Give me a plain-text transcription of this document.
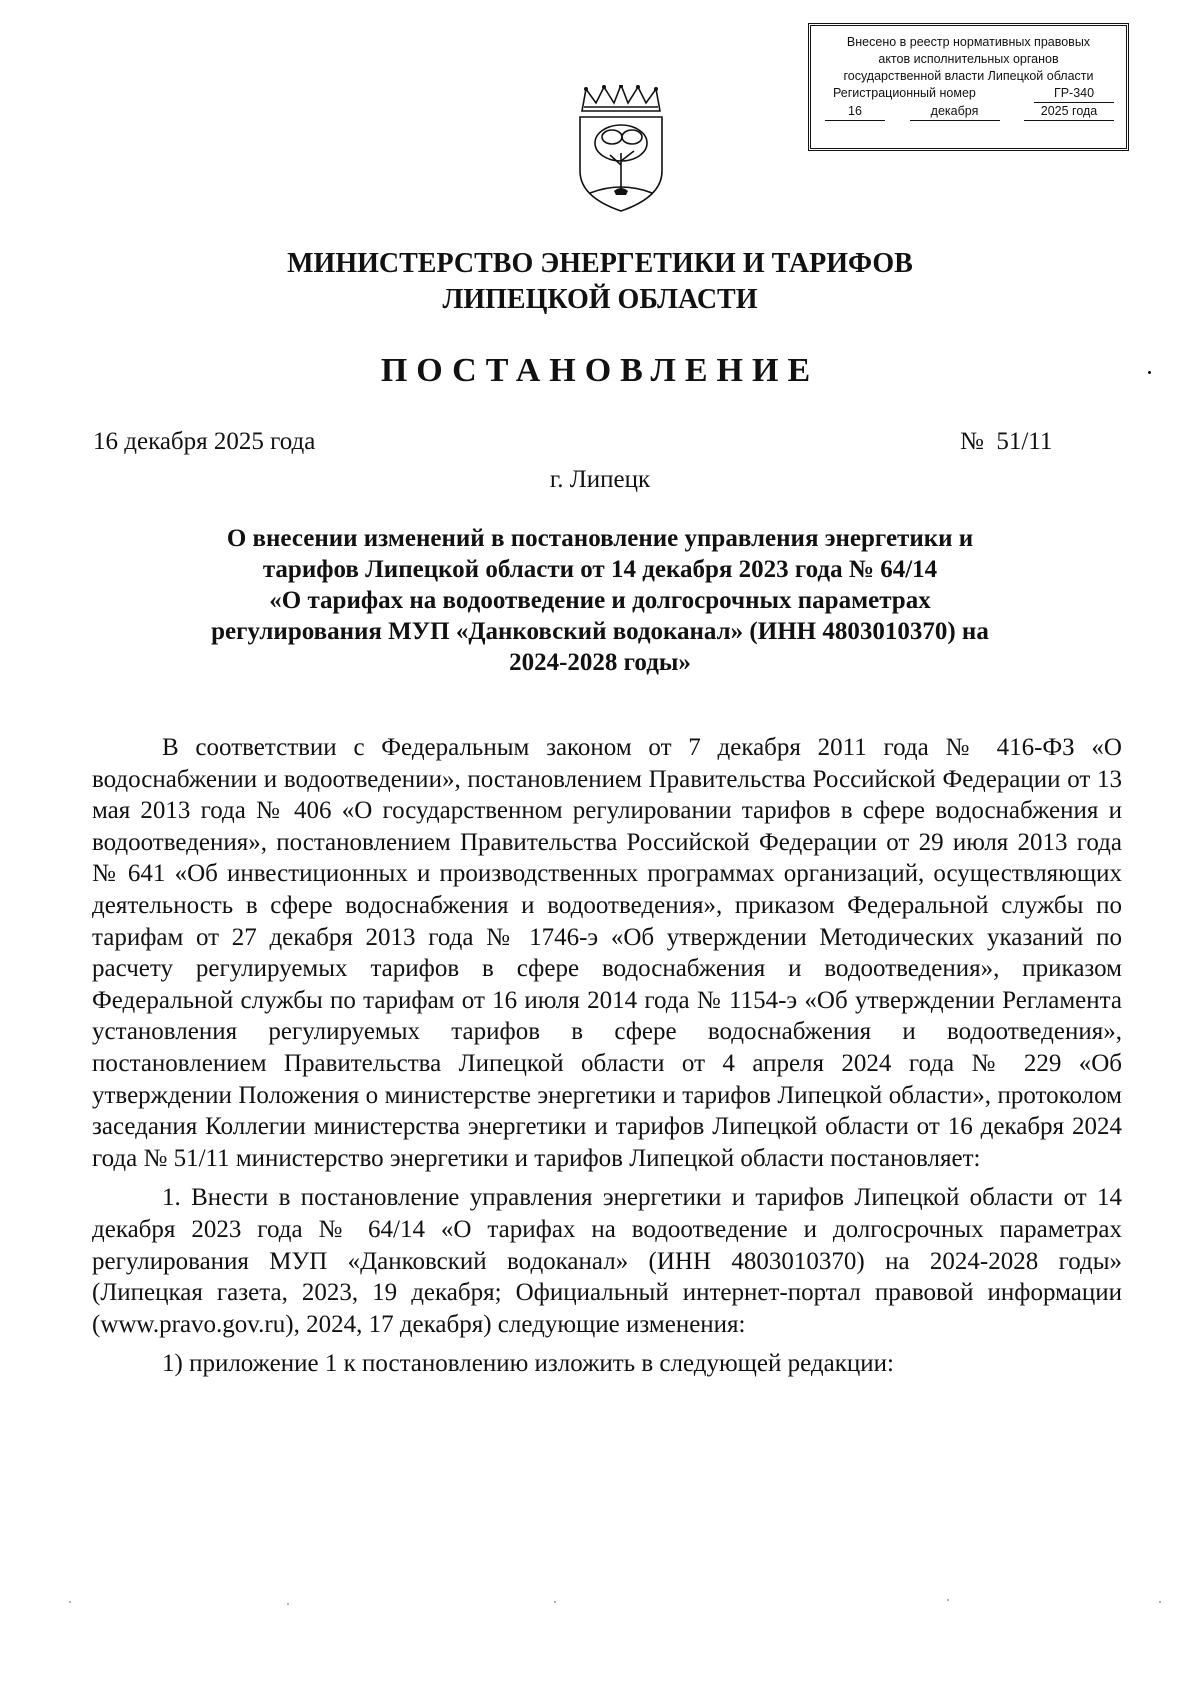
Внесено в реестр нормативных правовых
актов исполнительных органов
государственной власти Липецкой области
Регистрационный номер	ГР-340
16	декабря	2025 года
МИНИСТЕРСТВО ЭНЕРГЕТИКИ И ТАРИФОВ
ЛИПЕЦКОЙ ОБЛАСТИ
ПОСТАНОВЛЕНИЕ
16 декабря 2025 года	№  51/11
г. Липецк
О внесении изменений в постановление управления энергетики и
тарифов Липецкой области от 14 декабря 2023 года № 64/14
«О тарифах на водоотведение и долгосрочных параметрах
регулирования МУП «Данковский водоканал» (ИНН 4803010370) на
2024-2028 годы»

В соответствии с Федеральным законом от 7 декабря 2011 года № 416-ФЗ «О водоснабжении и водоотведении», постановлением Правительства Российской Федерации от 13 мая 2013 года № 406 «О государственном регулировании тарифов в сфере водоснабжения и водоотведения», постановлением Правительства Российской Федерации от 29 июля 2013 года № 641 «Об инвестиционных и производственных программах организаций, осуществляющих деятельность в сфере водоснабжения и водоотведения», приказом Федеральной службы по тарифам от 27 декабря 2013 года № 1746-э «Об утверждении Методических указаний по расчету регулируемых тарифов в сфере водоснабжения и водоотведения», приказом Федеральной службы по тарифам от 16 июля 2014 года № 1154-э «Об утверждении Регламента установления регулируемых тарифов в сфере водоснабжения и водоотведения», постановлением Правительства Липецкой области от 4 апреля 2024 года № 229 «Об утверждении Положения о министерстве энергетики и тарифов Липецкой области», протоколом заседания Коллегии министерства энергетики и тарифов Липецкой области от 16 декабря 2024 года № 51/11 министерство энергетики и тарифов Липецкой области постановляет:

1. Внести в постановление управления энергетики и тарифов Липецкой области от 14 декабря 2023 года № 64/14 «О тарифах на водоотведение и долгосрочных параметрах регулирования МУП «Данковский водоканал» (ИНН 4803010370) на 2024-2028 годы» (Липецкая газета, 2023, 19 декабря; Официальный интернет-портал правовой информации (www.pravo.gov.ru), 2024, 17 декабря) следующие изменения:

1) приложение 1 к постановлению изложить в следующей редакции:
